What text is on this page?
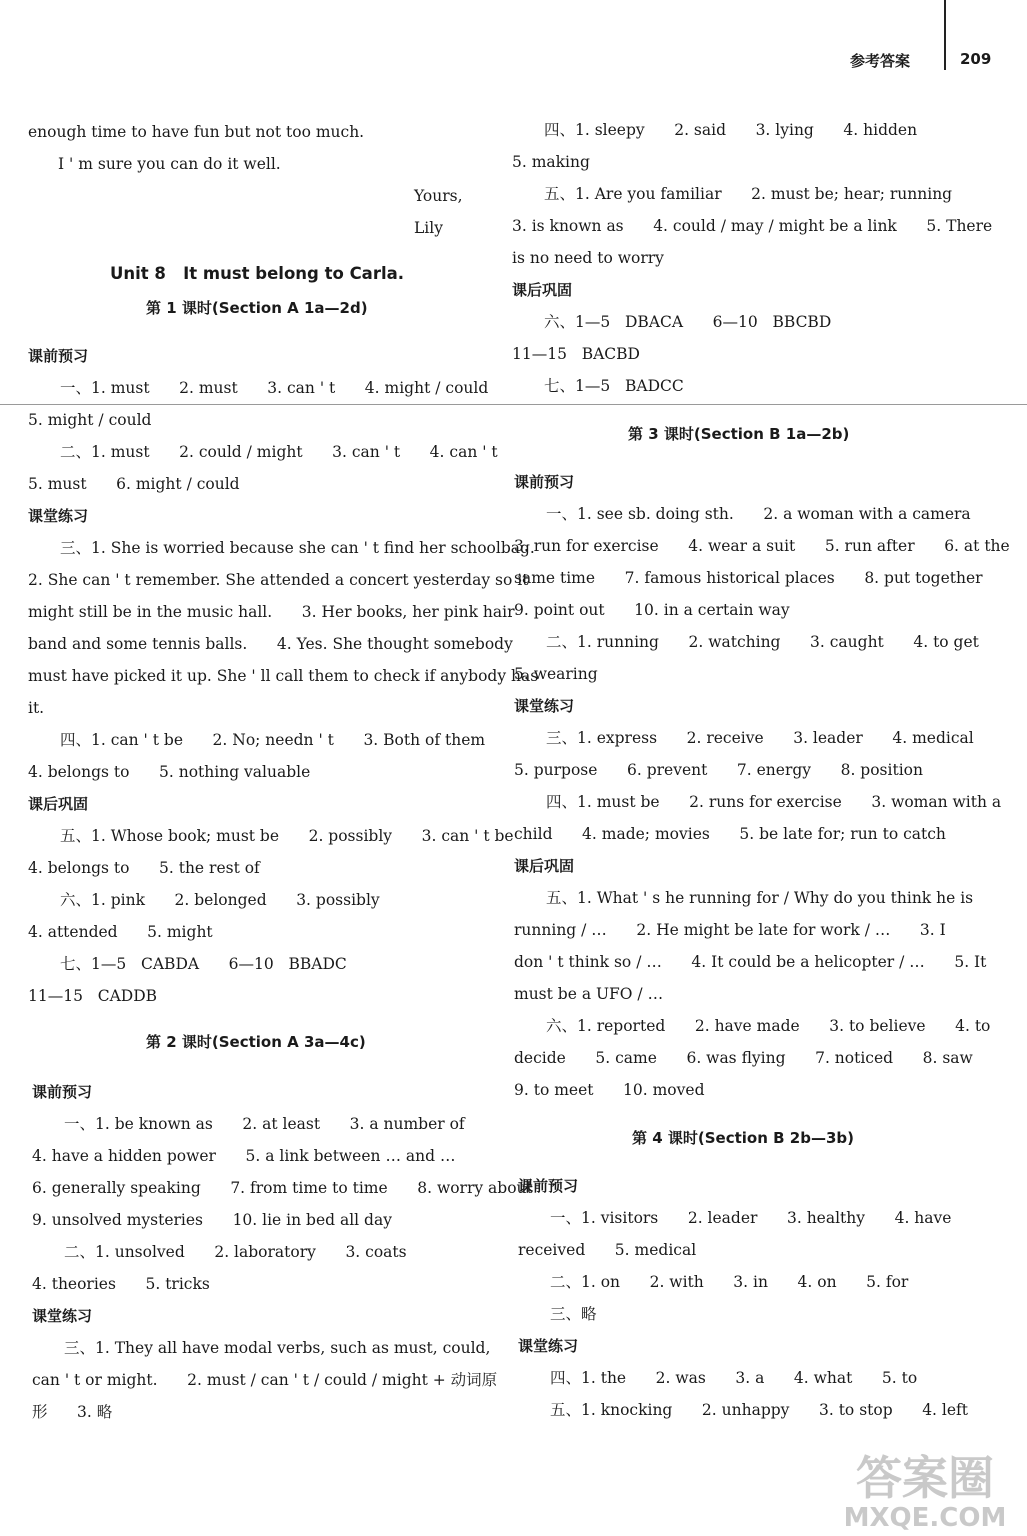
参考答案	209
enough time to have fun but not too much.
I ' m sure you can do it well.
Yours,
Lily
Unit 8   It must belong to Carla.
第 1 课时(Section A 1a—2d)
课前预习
一、1. must      2. must      3. can ' t      4. might / could
5. might / could
二、1. must      2. could / might      3. can ' t      4. can ' t
5. must      6. might / could
课堂练习
三、1. She is worried because she can ' t find her schoolbag.
2. She can ' t remember. She attended a concert yesterday so it
might still be in the music hall.      3. Her books, her pink hair
band and some tennis balls.      4. Yes. She thought somebody
must have picked it up. She ' ll call them to check if anybody has
it.
四、1. can ' t be      2. No; needn ' t      3. Both of them
4. belongs to      5. nothing valuable
课后巩固
五、1. Whose book; must be      2. possibly      3. can ' t be
4. belongs to      5. the rest of
六、1. pink      2. belonged      3. possibly
4. attended      5. might
七、1—5   CABDA      6—10   BBADC
11—15   CADDB
第 2 课时(Section A 3a—4c)
课前预习
一、1. be known as      2. at least      3. a number of
4. have a hidden power      5. a link between … and …
6. generally speaking      7. from time to time      8. worry about
9. unsolved mysteries      10. lie in bed all day
二、1. unsolved      2. laboratory      3. coats
4. theories      5. tricks
课堂练习
三、1. They all have modal verbs, such as must, could,
can ' t or might.      2. must / can ' t / could / might + 动词原
形      3. 略
四、1. sleepy      2. said      3. lying      4. hidden
5. making
五、1. Are you familiar      2. must be; hear; running
3. is known as      4. could / may / might be a link      5. There
is no need to worry
课后巩固
六、1—5   DBACA      6—10   BBCBD
11—15   BACBD
七、1—5   BADCC
第 3 课时(Section B 1a—2b)
课前预习
一、1. see sb. doing sth.      2. a woman with a camera
3. run for exercise      4. wear a suit      5. run after      6. at the
same time      7. famous historical places      8. put together
9. point out      10. in a certain way
二、1. running      2. watching      3. caught      4. to get
5. wearing
课堂练习
三、1. express      2. receive      3. leader      4. medical
5. purpose      6. prevent      7. energy      8. position
四、1. must be      2. runs for exercise      3. woman with a
child      4. made; movies      5. be late for; run to catch
课后巩固
五、1. What ' s he running for / Why do you think he is
running / …      2. He might be late for work / …      3. I
don ' t think so / …      4. It could be a helicopter / …      5. It
must be a UFO / …
六、1. reported      2. have made      3. to believe      4. to
decide      5. came      6. was flying      7. noticed      8. saw
9. to meet      10. moved
第 4 课时(Section B 2b—3b)
课前预习
一、1. visitors      2. leader      3. healthy      4. have
received      5. medical
二、1. on      2. with      3. in      4. on      5. for
三、略
课堂练习
四、1. the      2. was      3. a      4. what      5. to
五、1. knocking      2. unhappy      3. to stop      4. left
答案圈
MXQE.COM
